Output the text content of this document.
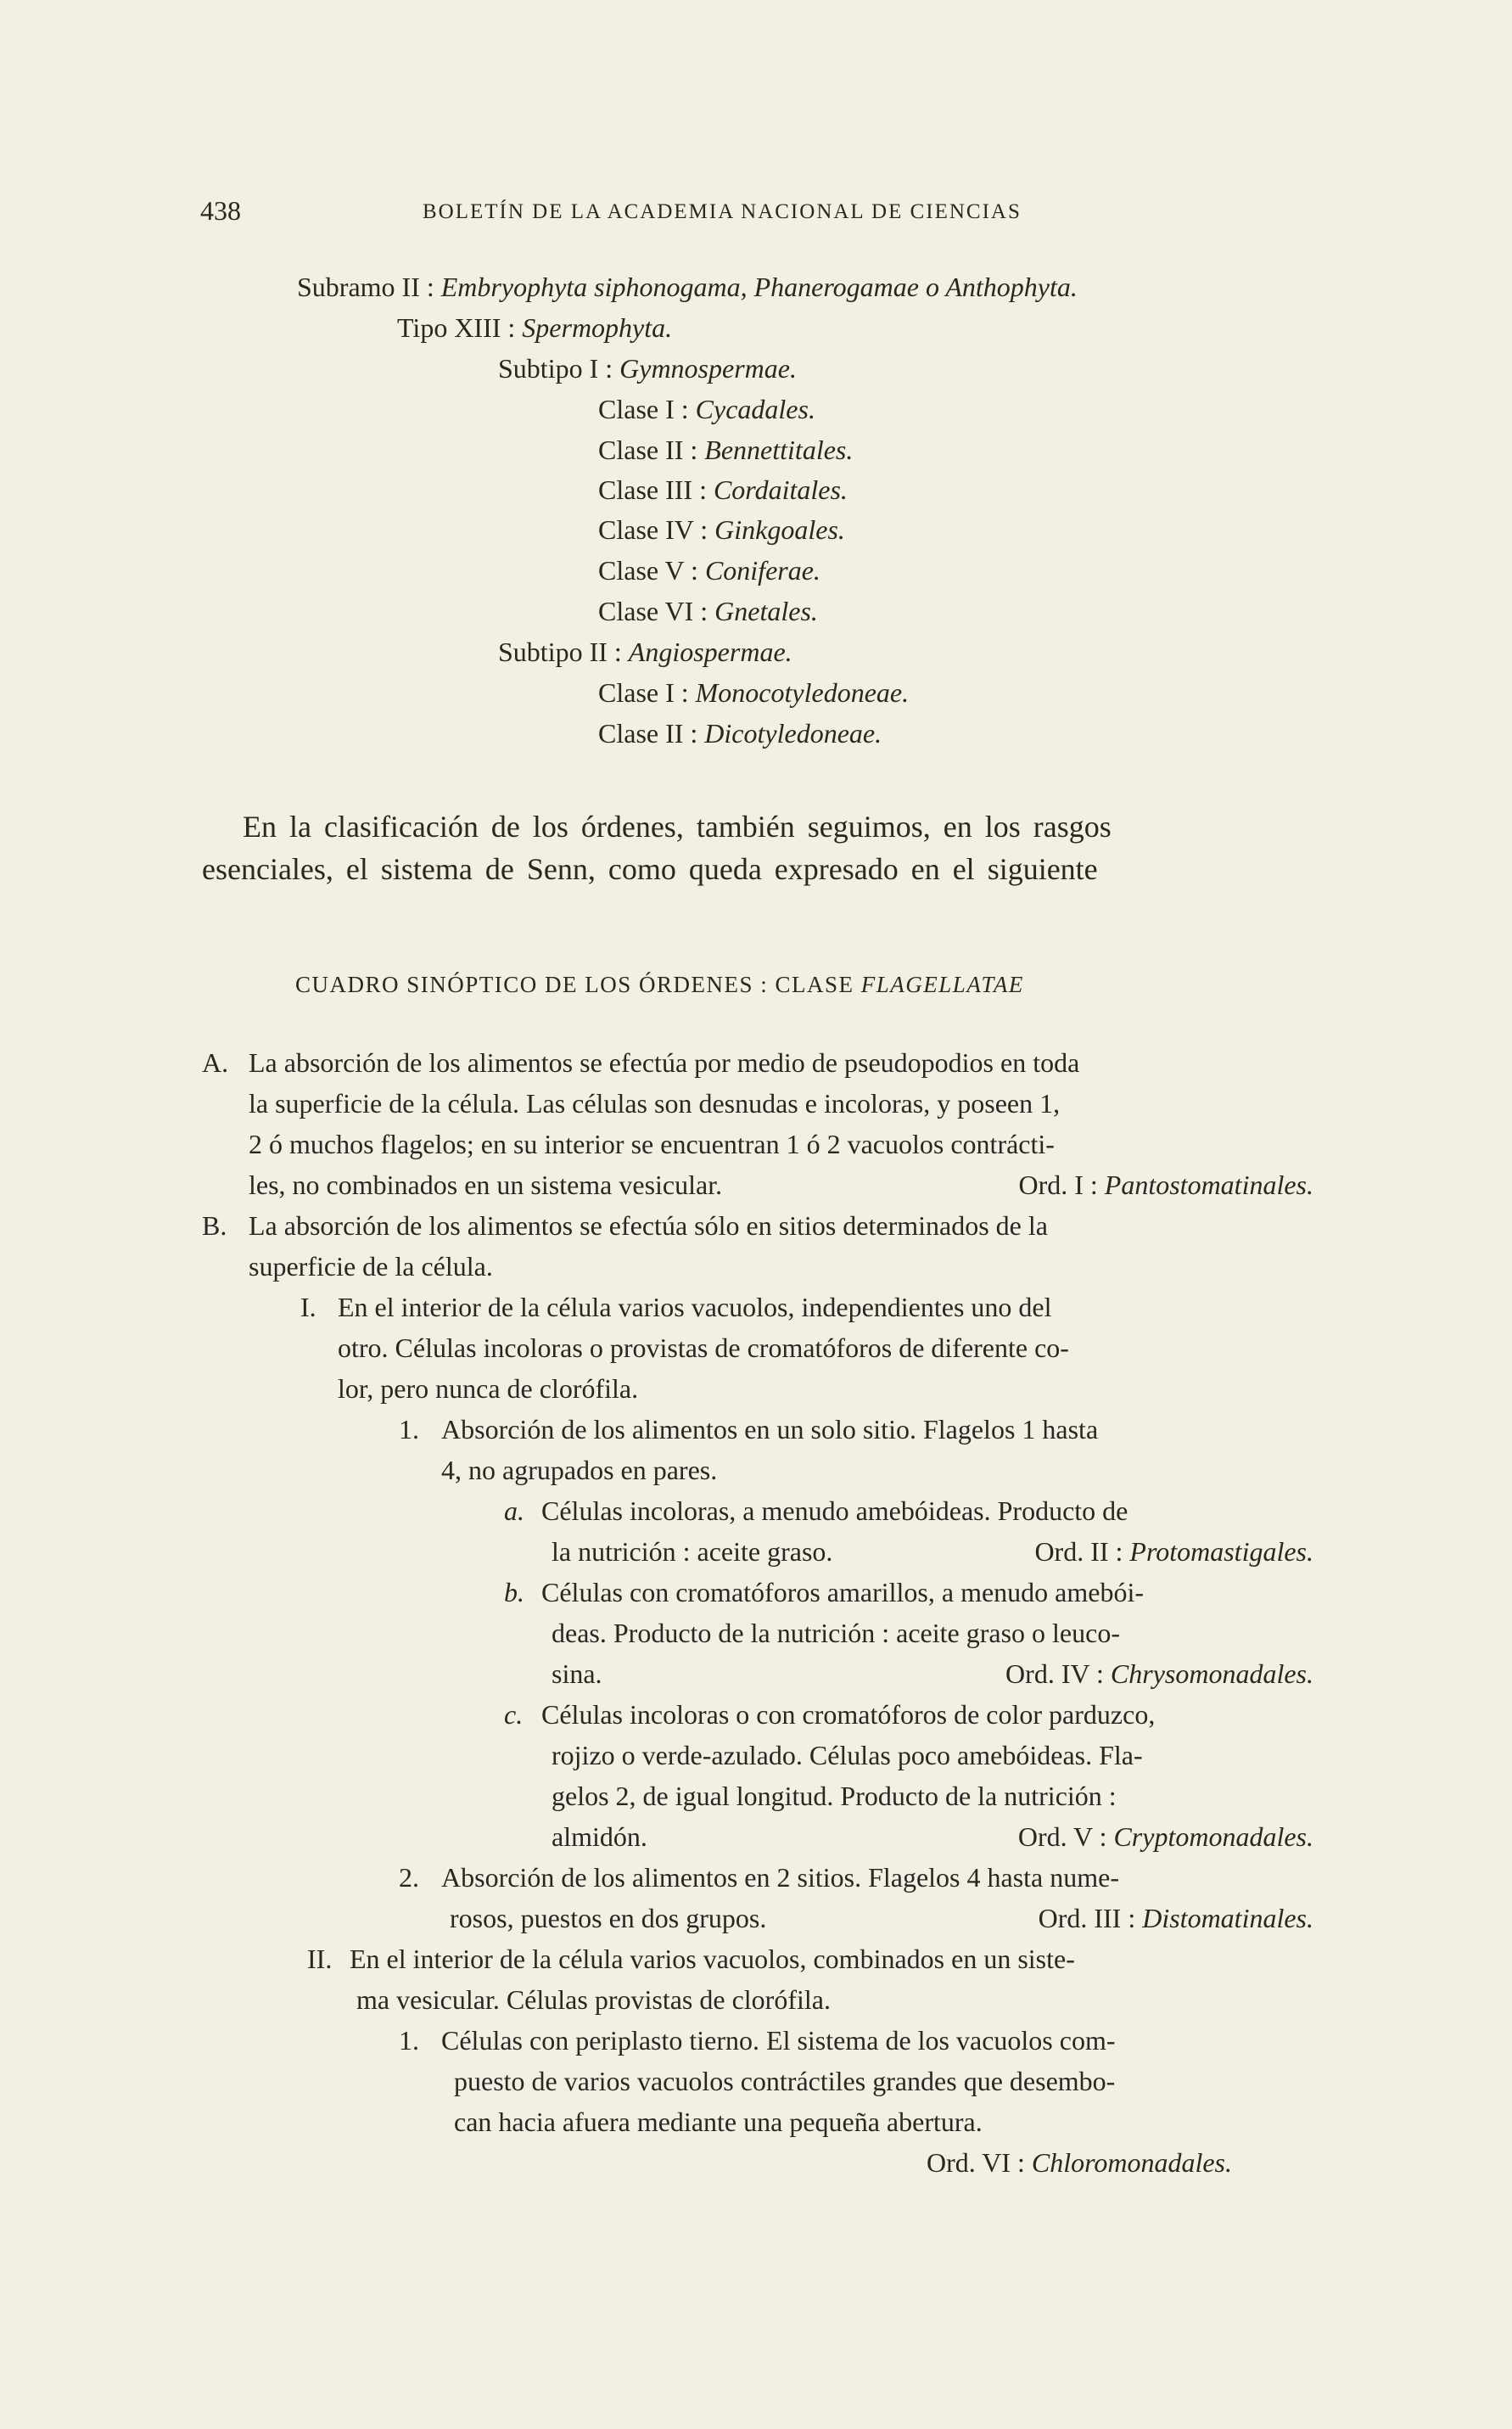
438	BOLETÍN DE LA ACADEMIA NACIONAL DE CIENCIAS
Subramo II : Embryophyta siphonogama, Phanerogamae o Anthophyta.
Tipo XIII : Spermophyta.
Subtipo I : Gymnospermae.
Clase I : Cycadales.
Clase II : Bennettitales.
Clase III : Cordaitales.
Clase IV : Ginkgoales.
Clase V : Coniferae.
Clase VI : Gnetales.
Subtipo II : Angiospermae.
Clase I : Monocotyledoneae.
Clase II : Dicotyledoneae.
En la clasificación de los órdenes, también seguimos, en los rasgos
esenciales, el sistema de Senn, como queda expresado en el siguiente
CUADRO SINÓPTICO DE LOS ÓRDENES : CLASE FLAGELLATAE
A. La absorción de los alimentos se efectúa por medio de pseudopodios en toda
la superficie de la célula. Las células son desnudas e incoloras, y poseen 1,
2 ó muchos flagelos; en su interior se encuentran 1 ó 2 vacuolos contrácti-
les, no combinados en un sistema vesicular.	Ord. I : Pantostomatinales.
B. La absorción de los alimentos se efectúa sólo en sitios determinados de la
superficie de la célula.
I. En el interior de la célula varios vacuolos, independientes uno del
otro. Células incoloras o provistas de cromatóforos de diferente co-
lor, pero nunca de clorófila.
1. Absorción de los alimentos en un solo sitio. Flagelos 1 hasta
4, no agrupados en pares.
a. Células incoloras, a menudo amebóideas. Producto de
la nutrición : aceite graso.	Ord. II : Protomastigales.
b. Células con cromatóforos amarillos, a menudo amebói-
deas. Producto de la nutrición : aceite graso o leuco-
sina.	Ord. IV : Chrysomonadales.
c. Células incoloras o con cromatóforos de color parduzco,
rojizo o verde-azulado. Células poco amebóideas. Fla-
gelos 2, de igual longitud. Producto de la nutrición :
almidón.	Ord. V : Cryptomonadales.
2. Absorción de los alimentos en 2 sitios. Flagelos 4 hasta nume-
rosos, puestos en dos grupos.	Ord. III : Distomatinales.
II. En el interior de la célula varios vacuolos, combinados en un siste-
ma vesicular. Células provistas de clorófila.
1. Células con periplasto tierno. El sistema de los vacuolos com-
puesto de varios vacuolos contráctiles grandes que desembo-
can hacia afuera mediante una pequeña abertura.
Ord. VI : Chloromonadales.
